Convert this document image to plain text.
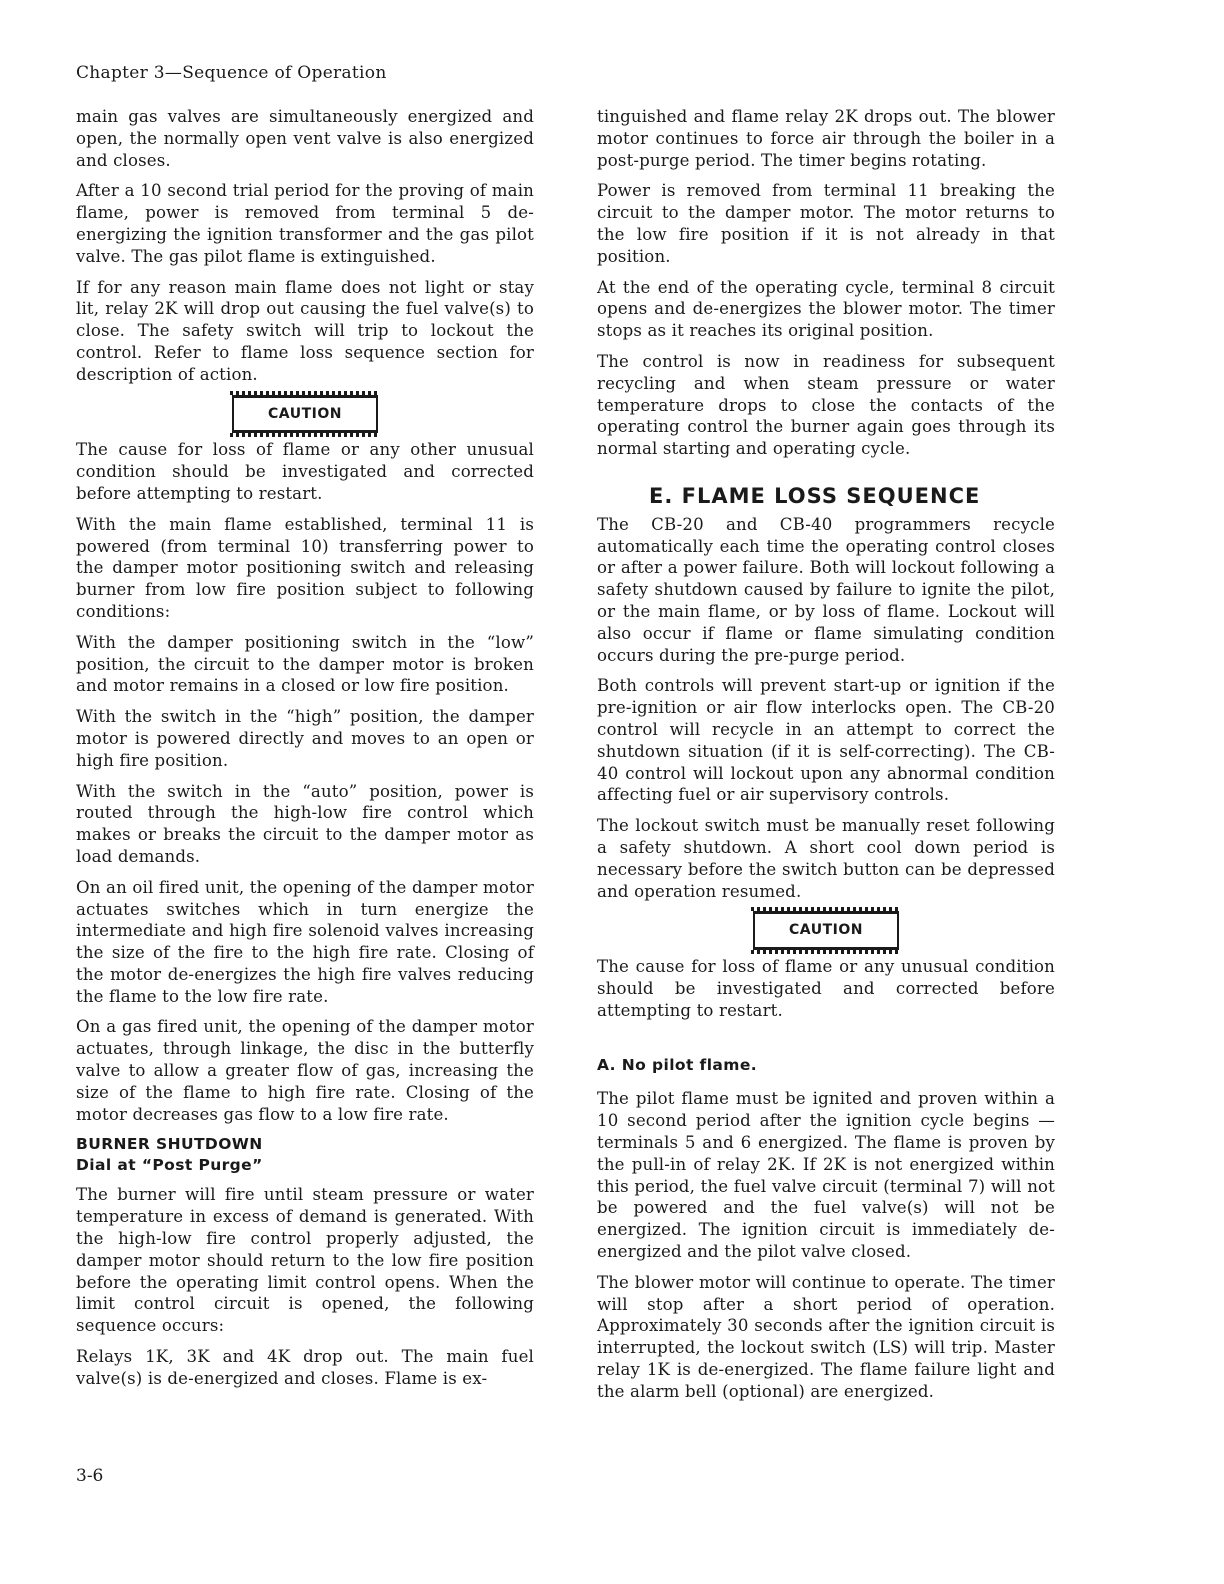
Chapter 3—Sequence of Operation

main gas valves are simultaneously energized and open, the normally open vent valve is also energized and closes.

After a 10 second trial period for the proving of main flame, power is removed from terminal 5 de-energizing the ignition transformer and the gas pilot valve. The gas pilot flame is extinguished.

If for any reason main flame does not light or stay lit, relay 2K will drop out causing the fuel valve(s) to close. The safety switch will trip to lockout the control. Refer to flame loss sequence section for description of action.

CAUTION

The cause for loss of flame or any other unusual condition should be investigated and corrected before attempting to restart.

With the main flame established, terminal 11 is powered (from terminal 10) transferring power to the damper motor positioning switch and releasing burner from low fire position subject to following conditions:

With the damper positioning switch in the “low” position, the circuit to the damper motor is broken and motor remains in a closed or low fire position.

With the switch in the “high” position, the damper motor is powered directly and moves to an open or high fire position.

With the switch in the “auto” position, power is routed through the high-low fire control which makes or breaks the circuit to the damper motor as load demands.

On an oil fired unit, the opening of the damper motor actuates switches which in turn energize the intermediate and high fire solenoid valves increasing the size of the fire to the high fire rate. Closing of the motor de-energizes the high fire valves reducing the flame to the low fire rate.

On a gas fired unit, the opening of the damper motor actuates, through linkage, the disc in the butterfly valve to allow a greater flow of gas, increasing the size of the flame to high fire rate. Closing of the motor decreases gas flow to a low fire rate.

BURNER SHUTDOWN
Dial at “Post Purge”

The burner will fire until steam pressure or water temperature in excess of demand is generated. With the high-low fire control properly adjusted, the damper motor should return to the low fire position before the operating limit control opens. When the limit control circuit is opened, the following sequence occurs:

Relays 1K, 3K and 4K drop out. The main fuel valve(s) is de-energized and closes. Flame is ex-

tinguished and flame relay 2K drops out. The blower motor continues to force air through the boiler in a post-purge period. The timer begins rotating.

Power is removed from terminal 11 breaking the circuit to the damper motor. The motor returns to the low fire position if it is not already in that position.

At the end of the operating cycle, terminal 8 circuit opens and de-energizes the blower motor. The timer stops as it reaches its original position.

The control is now in readiness for subsequent recycling and when steam pressure or water temperature drops to close the contacts of the operating control the burner again goes through its normal starting and operating cycle.

E. FLAME LOSS SEQUENCE

The CB-20 and CB-40 programmers recycle automatically each time the operating control closes or after a power failure. Both will lockout following a safety shutdown caused by failure to ignite the pilot, or the main flame, or by loss of flame. Lockout will also occur if flame or flame simulating condition occurs during the pre-purge period.

Both controls will prevent start-up or ignition if the pre-ignition or air flow interlocks open. The CB-20 control will recycle in an attempt to correct the shutdown situation (if it is self-correcting). The CB-40 control will lockout upon any abnormal condition affecting fuel or air supervisory controls.

The lockout switch must be manually reset following a safety shutdown. A short cool down period is necessary before the switch button can be depressed and operation resumed.

CAUTION

The cause for loss of flame or any unusual condition should be investigated and corrected before attempting to restart.

A. No pilot flame.

The pilot flame must be ignited and proven within a 10 second period after the ignition cycle begins — terminals 5 and 6 energized. The flame is proven by the pull-in of relay 2K. If 2K is not energized within this period, the fuel valve circuit (terminal 7) will not be powered and the fuel valve(s) will not be energized. The ignition circuit is immediately de-energized and the pilot valve closed.

The blower motor will continue to operate. The timer will stop after a short period of operation. Approximately 30 seconds after the ignition circuit is interrupted, the lockout switch (LS) will trip. Master relay 1K is de-energized. The flame failure light and the alarm bell (optional) are energized.

3-6
